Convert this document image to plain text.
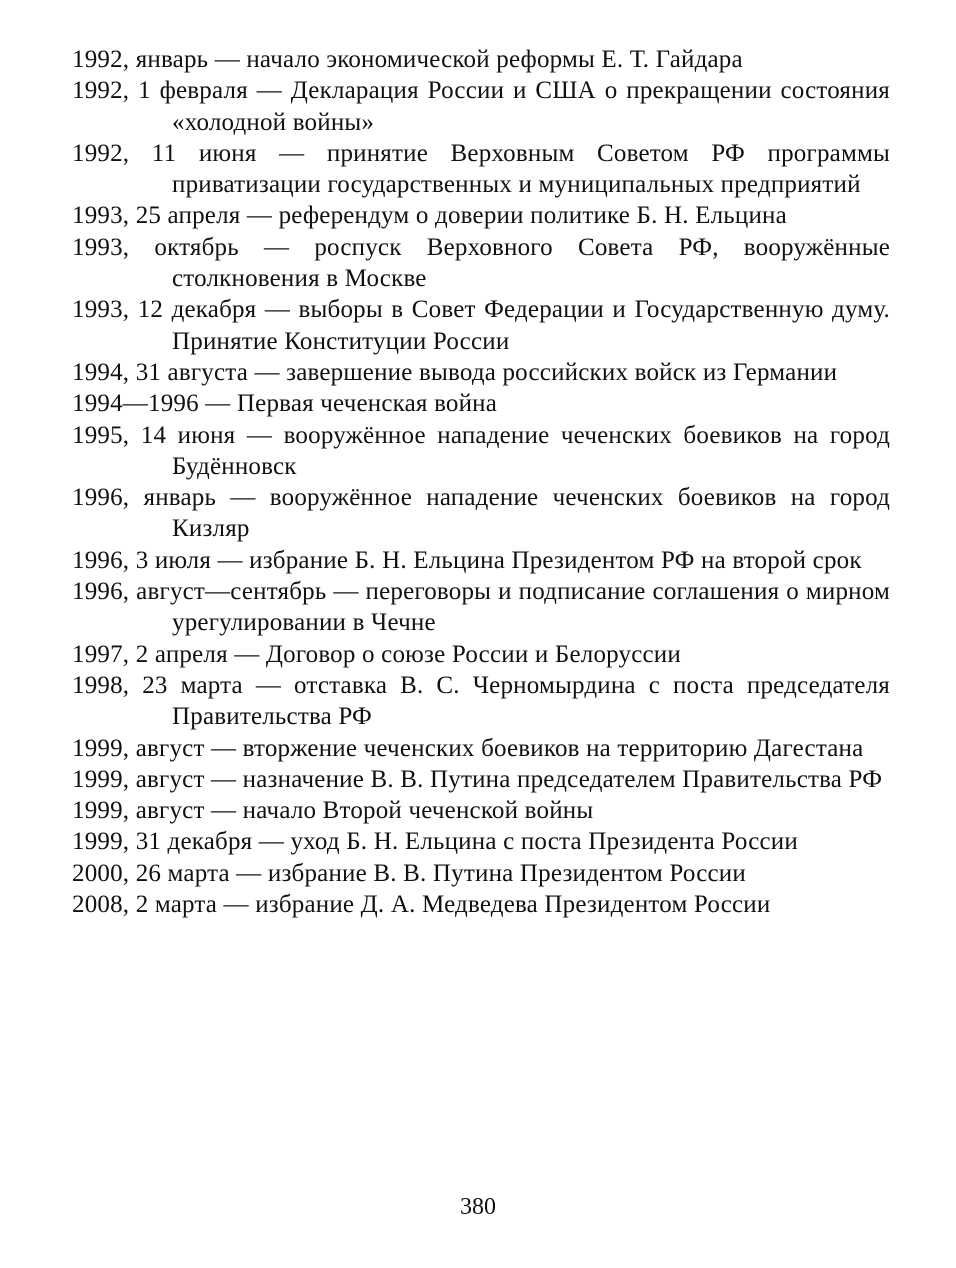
1992, январь — начало экономической реформы Е. Т. Гайдара

1992, 1 февраля — Декларация России и США о прекращении состояния «холодной войны»

1992, 11 июня — принятие Верховным Советом РФ программы приватизации государственных и муниципальных предприятий

1993, 25 апреля — референдум о доверии политике Б. Н. Ельцина

1993, октябрь — роспуск Верховного Совета РФ, вооружённые столкновения в Москве

1993, 12 декабря — выборы в Совет Федерации и Государственную думу. Принятие Конституции России

1994, 31 августа — завершение вывода российских войск из Германии

1994—1996 — Первая чеченская война

1995, 14 июня — вооружённое нападение чеченских боевиков на город Будённовск

1996, январь — вооружённое нападение чеченских боевиков на город Кизляр

1996, 3 июля — избрание Б. Н. Ельцина Президентом РФ на второй срок

1996, август—сентябрь — переговоры и подписание соглашения о мирном урегулировании в Чечне

1997, 2 апреля — Договор о союзе России и Белоруссии

1998, 23 марта — отставка В. С. Черномырдина с поста председателя Правительства РФ

1999, август — вторжение чеченских боевиков на территорию Дагестана

1999, август — назначение В. В. Путина председателем Правительства РФ

1999, август — начало Второй чеченской войны

1999, 31 декабря — уход Б. Н. Ельцина с поста Президента России

2000, 26 марта — избрание В. В. Путина Президентом России

2008, 2 марта — избрание Д. А. Медведева Президентом России

380
